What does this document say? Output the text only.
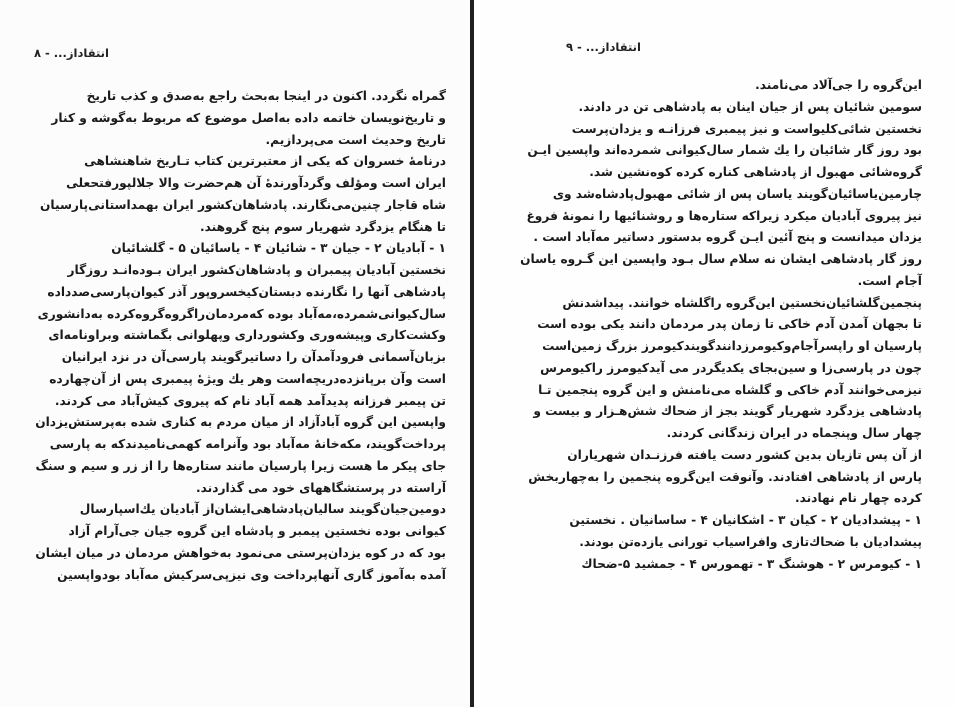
انتقاداز... - ۸
گمراه نگردد. اکنون در اینجا به‌بحث راجع به‌صدق و کذب تاریخ
و تاریخ‌نویسان خاتمه داده به‌اصل موضوع که مربوط به‌گوشه و کنار
تاریخ وحدیث است می‌پردازیم.
درنامهٔ خسروان که یکی از معتبرترین کتاب تـاریخ شاهنشاهی
ایران است ومؤلف وگردآورندهٔ آن هم‌حضرت والا جلالپورفتحعلی
شاه قاجار چنین‌می‌نگارند. پادشاهان‌کشور ایران بهمداستانی‌پارسیان
تا هنگام یزدگرد شهریار سوم پنج گروهند.
۱ - آبادیان ۲ - جیان ۳ - شائیان ۴ - یاسائیان ۵ - گلشائیان
نخستین آبادیان پیمبران و پادشاهان‌کشور ایران بـوده‌انـد روزگار
پادشاهی آنها را نگارنده دبستان‌کیخسروپور آذر کیوان‌پارسی‌صدداده
سال‌کیوانی‌شمرده‌،مه‌آباد بوده که‌مردمان‌راگروه‌گروه‌کرده به‌دانشوری
وکشت‌کاری وپیشه‌وری وکشورداری وپهلوانی بگماشته وبراونامه‌ای
بزبان‌آسمانی فرودآمدآن را دساتیرگویند پارسی‌آن در نزد ایرانیان
است وآن برپانزده‌دریچه‌است وهر یك ویژهٔ پیمبری پس از آن‌چهارده
تن پیمبر فرزانه پدیدآمد همه آباد نام که پیروی کیش‌آباد می کردند.
واپسین این گروه آبادآزاد از میان مردم به کناری شده به‌پرستش‌یزدان
پرداخت‌گویند، مکه‌خانهٔ مه‌آباد بود وآنرامه کهمی‌نامیدندکه به پارسی
جای پیکر ما هست زیرا پارسیان مانند ستاره‌ها را از زر و سیم و سنگ
آراسته در پرستشگاههای خود می گذاردند.
دومین‌جیان‌گویند سالیان‌پادشاهی‌ایشان‌از آبادیان یك‌اسپارسال
کیوانی بوده نخستین پیمبر و پادشاه این گروه جیان جی‌آرام آزاد
بود که در کوه یزدان‌پرستی می‌نمود به‌خواهش مردمان در میان ایشان
آمده به‌آموز گاری آنهاپرداخت وی نیزپی‌سرکیش مه‌آباد بودواپسین
انتقاداز... - ۹
این‌گروه را جی‌آلاد می‌نامند.
سومین شائیان پس از جیان اینان به پادشاهی تن در دادند.
نخستین شائی‌کلیواست و نیز پیمبری فرزانـه و یزدان‌پرست
بود روز گار شائیان را یك شمار سال‌کیوانی شمرده‌اند واپسین ایـن
گروه‌شائی مهبول از پادشاهی کناره کرده کوه‌نشین شد.
چارمین‌یاسائیان‌گویند یاسان پس از شائی مهبول‌پادشاه‌شد وی
نیز پیروی آبادیان میکرد زیراکه ستاره‌ها و روشنائیها را نمونهٔ فروغ
یزدان میدانست و پنج آئین ایـن گروه بدستور دساتیر مه‌آباد است .
روز گار پادشاهی ایشان نه سلام سال بـود واپسین این گـروه یاسان
آجام است.
پنجمین‌گلشائیان‌نخستین این‌گروه راگلشاه خوانند. پیداشدنش
تا بجهان آمدن آدم خاکی تا زمان پدر مردمان دانند یکی بوده است
پارسیان او راپسرآجام‌وکیومرزدانندگویندکیومرز بزرگ زمین‌است
چون در پارسی‌زا و سین‌بجای یکدیگردر می آیدکیومرز راکیومرس
نیزمی‌خوانند آدم خاکی و گلشاه می‌نامنش و این گروه پنجمین تـا
پادشاهی یزدگرد شهریار گویند بجز از ضحاك شش‌هـزار و بیست و
چهار سال وپنجماه در ایران زندگانی کردند.
از آن پس تازیان بدین کشور دست یافته فرزنـدان شهریاران
پارس از پادشاهی افتادند. وآنوقت این‌گروه پنجمین را به‌چهاربخش
کرده چهار نام نهادند.
۱ - پیشدادیان ۲ - کیان ۳ - اشکانیان ۴ - ساسانیان . نخستین
پیشدادیان با ضحاك‌تازی وافراسیاب تورانی یازده‌تن بودند.
۱ - کیومرس ۲ - هوشنگ ۳ - تهمورس ۴ - جمشید ۵-ضحاك
